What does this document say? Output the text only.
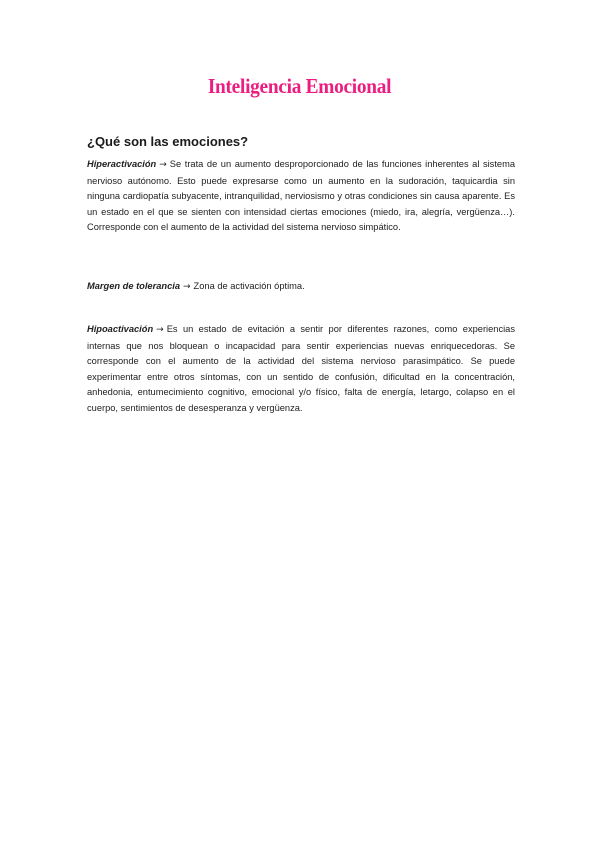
Inteligencia Emocional
¿Qué son las emociones?
Hiperactivación → Se trata de un aumento desproporcionado de las funciones inherentes al sistema nervioso autónomo. Esto puede expresarse como un aumento en la sudoración, taquicardia sin ninguna cardiopatía subyacente, intranquilidad, nerviosismo y otras condiciones sin causa aparente. Es un estado en el que se sienten con intensidad ciertas emociones (miedo, ira, alegría, vergüenza…). Corresponde con el aumento de la actividad del sistema nervioso simpático.
Margen de tolerancia → Zona de activación óptima.
Hipoactivación → Es un estado de evitación a sentir por diferentes razones, como experiencias internas que nos bloquean o incapacidad para sentir experiencias nuevas enriquecedoras. Se corresponde con el aumento de la actividad del sistema nervioso parasimpático. Se puede experimentar entre otros síntomas, con un sentido de confusión, dificultad en la concentración, anhedonia, entumecimiento cognitivo, emocional y/o físico, falta de energía, letargo, colapso en el cuerpo, sentimientos de desesperanza y vergüenza.
